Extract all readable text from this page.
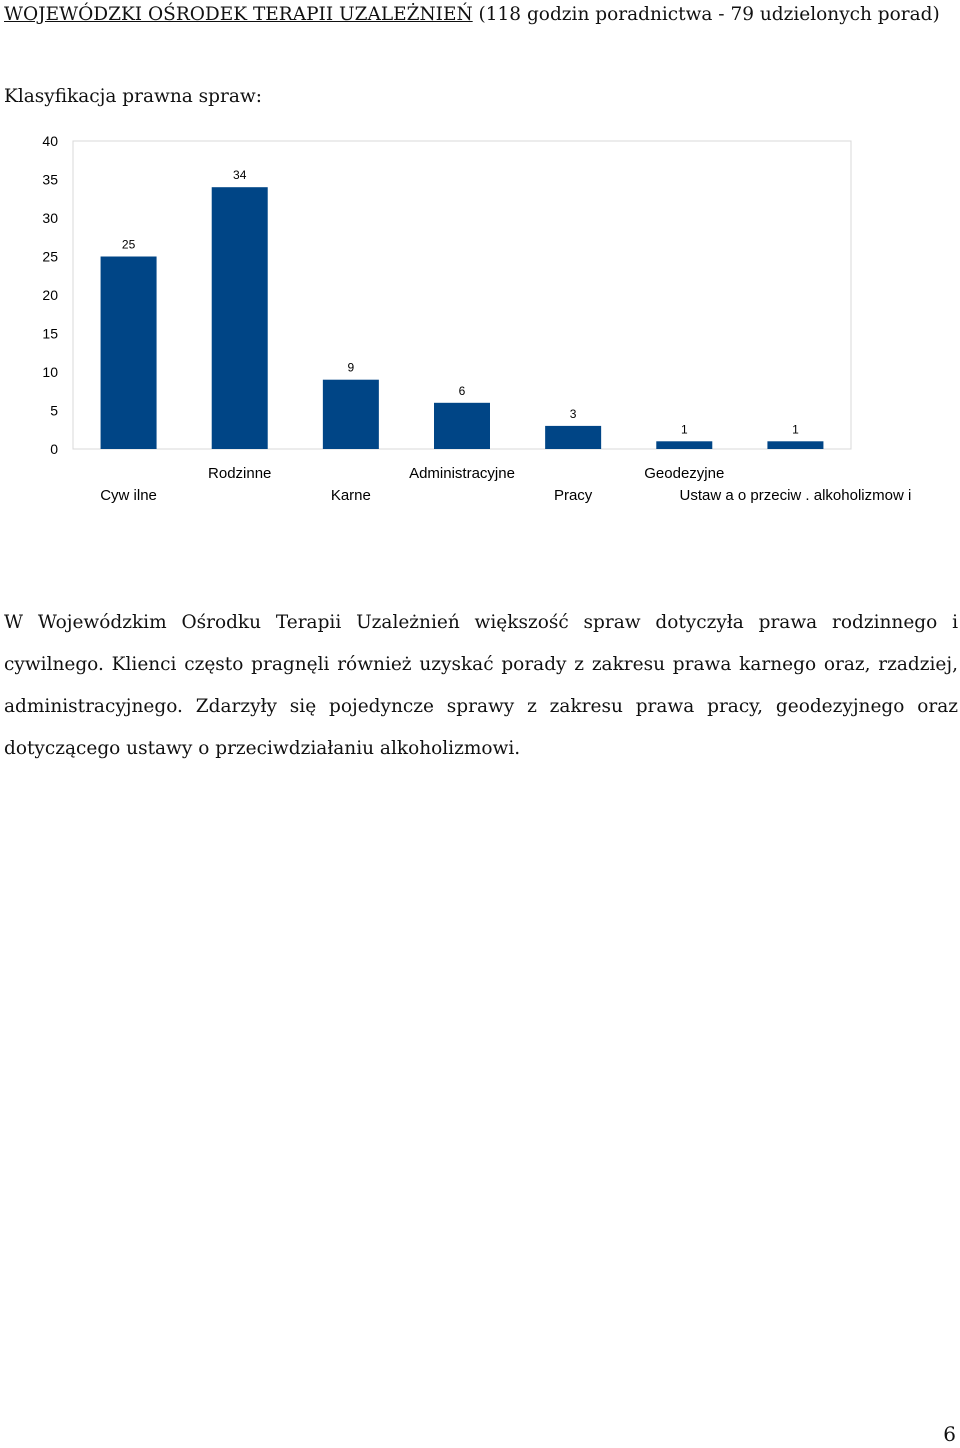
WOJEWÓDZKI OŚRODEK TERAPII UZALEŻNIEŃ (118 godzin poradnictwa - 79 udzielonych porad)
Klasyfikacja prawna spraw:
0
5
10
15
20
25
30
35
40
25
Cyw ilne
34
Rodzinne
9
Karne
6
Administracyjne
3
Pracy
1
Geodezyjne
1
Ustaw a o przeciw . alkoholizmow i

W Wojewódzkim Ośrodku Terapii Uzależnień większość spraw dotyczyła prawa rodzinnego i cywilnego. Klienci często pragnęli również uzyskać porady z zakresu prawa karnego oraz, rzadziej, administracyjnego. Zdarzyły się pojedyncze sprawy z zakresu prawa pracy, geodezyjnego oraz dotyczącego ustawy o przeciwdziałaniu alkoholizmowi.

6
